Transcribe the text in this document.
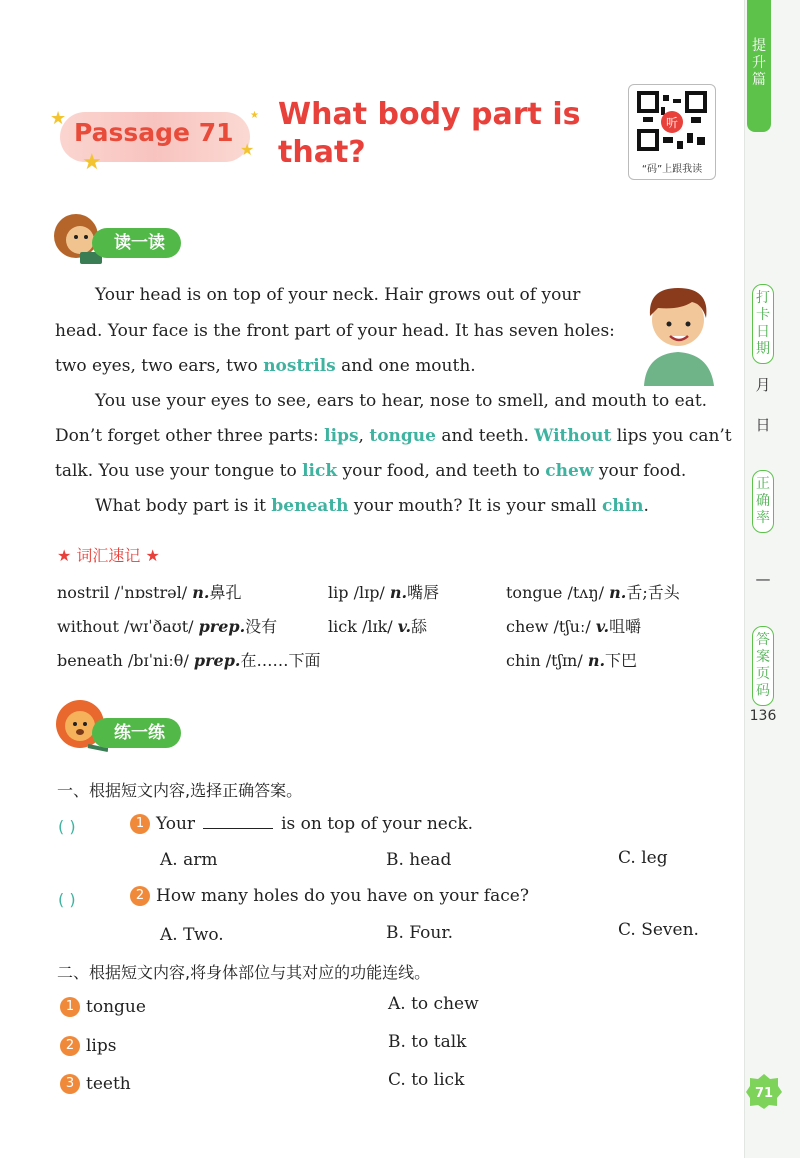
提升篇
打卡日期
月
日
正确率
—
答案页码
136
71
★
★
★
★
Passage 71
What body part is that?
听
“码”上跟我读
读一读
Your head is on top of your neck. Hair grows out of your
head. Your face is the front part of your head. It has seven holes:
two eyes, two ears, two nostrils and one mouth.
You use your eyes to see, ears to hear, nose to smell, and mouth to eat.
Don’t forget other three parts: lips, tongue and teeth. Without lips you can’t
talk. You use your tongue to lick your food, and teeth to chew your food.
What body part is it beneath your mouth? It is your small chin.
★ 词汇速记 ★
nostril /ˈnɒstrəl/ n.鼻孔	lip /lɪp/ n.嘴唇	tongue /tʌŋ/ n.舌;舌头
without /wɪˈðaʊt/ prep.没有	lick /lɪk/ v.舔	chew /tʃuː/ v.咀嚼
beneath /bɪˈniːθ/ prep.在……下面	chin /tʃɪn/ n.下巴
练一练
一、根据短文内容,选择正确答案。
( )	1 Your	is on top of your neck.
A. arm	B. head	C. leg
( )	2 How many holes do you have on your face?
A. Two.	B. Four.	C. Seven.
二、根据短文内容,将身体部位与其对应的功能连线。
1 tongue
2 lips
3 teeth
A. to chew
B. to talk
C. to lick
